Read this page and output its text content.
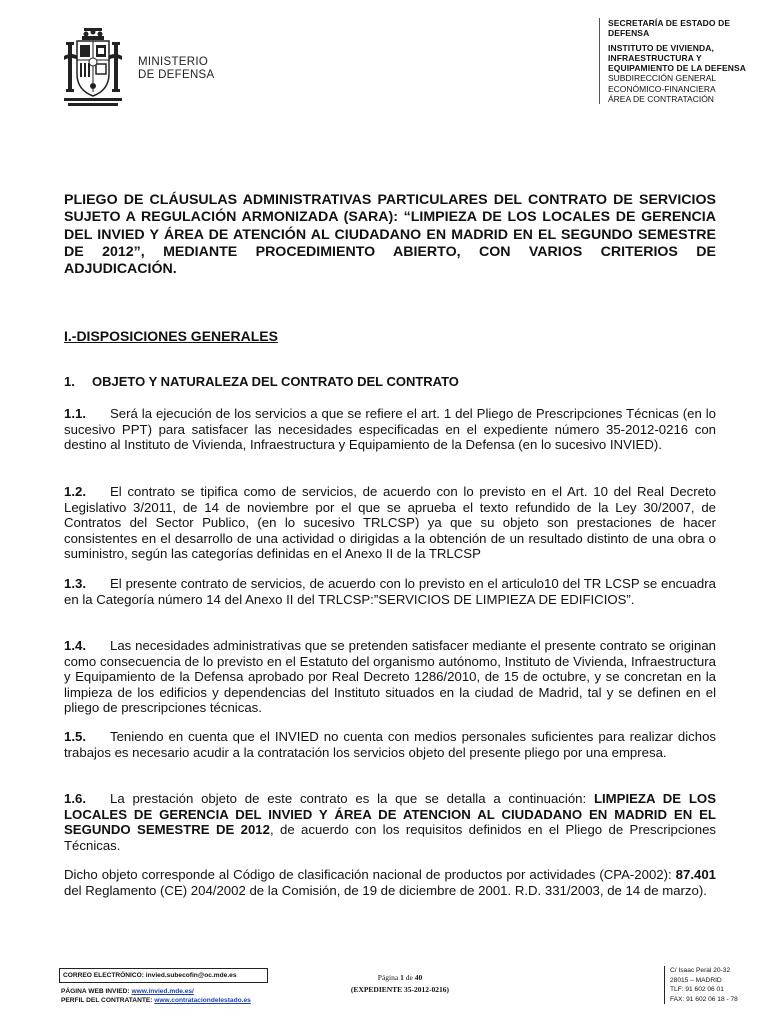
MINISTERIO
DE DEFENSA
SECRETARÍA DE ESTADO DE DEFENSA
INSTITUTO DE VIVIENDA, INFRAESTRUCTURA Y EQUIPAMIENTO DE LA DEFENSA
SUBDIRECCIÓN GENERAL ECONÓMICO-FINANCIERA
ÁREA DE CONTRATACIÓN
PLIEGO DE CLÁUSULAS ADMINISTRATIVAS PARTICULARES DEL CONTRATO DE SERVICIOS SUJETO A REGULACIÓN ARMONIZADA (SARA): “LIMPIEZA DE LOS LOCALES DE GERENCIA DEL INVIED Y ÁREA DE ATENCIÓN AL CIUDADANO EN MADRID EN EL SEGUNDO SEMESTRE DE 2012”, MEDIANTE PROCEDIMIENTO ABIERTO, CON VARIOS CRITERIOS DE ADJUDICACIÓN.
I.-DISPOSICIONES GENERALES
1. OBJETO Y NATURALEZA DEL CONTRATO DEL CONTRATO
1.1. Será la ejecución de los servicios a que se refiere el art. 1 del Pliego de Prescripciones Técnicas (en lo sucesivo PPT) para satisfacer las necesidades especificadas en el expediente número 35-2012-0216 con destino al Instituto de Vivienda, Infraestructura y Equipamiento de la Defensa (en lo sucesivo INVIED).
1.2. El contrato se tipifica como de servicios, de acuerdo con lo previsto en el Art. 10 del Real Decreto Legislativo 3/2011, de 14 de noviembre por el que se aprueba el texto refundido de la Ley 30/2007, de Contratos del Sector Publico, (en lo sucesivo TRLCSP) ya que su objeto son prestaciones de hacer consistentes en el desarrollo de una actividad o dirigidas a la obtención de un resultado distinto de una obra o suministro, según las categorías definidas en el Anexo II de la TRLCSP
1.3. El presente contrato de servicios, de acuerdo con lo previsto en el articulo10 del TR LCSP se encuadra en la Categoría número 14 del Anexo II del TRLCSP:”SERVICIOS DE LIMPIEZA DE EDIFICIOS”.
1.4. Las necesidades administrativas que se pretenden satisfacer mediante el presente contrato se originan como consecuencia de lo previsto en el Estatuto del organismo autónomo, Instituto de Vivienda, Infraestructura y Equipamiento de la Defensa aprobado por Real Decreto 1286/2010, de 15 de octubre, y se concretan en la limpieza de los edificios y dependencias del Instituto situados en la ciudad de Madrid, tal y se definen en el pliego de prescripciones técnicas.
1.5. Teniendo en cuenta que el INVIED no cuenta con medios personales suficientes para realizar dichos trabajos es necesario acudir a la contratación los servicios objeto del presente pliego por una empresa.
1.6. La prestación objeto de este contrato es la que se detalla a continuación: LIMPIEZA DE LOS LOCALES DE GERENCIA DEL INVIED Y ÁREA DE ATENCION AL CIUDADANO EN MADRID EN EL SEGUNDO SEMESTRE DE 2012, de acuerdo con los requisitos definidos en el Pliego de Prescripciones Técnicas.
Dicho objeto corresponde al Código de clasificación nacional de productos por actividades (CPA-2002): 87.401 del Reglamento (CE) 204/2002 de la Comisión, de 19 de diciembre de 2001. R.D. 331/2003, de 14 de marzo).
CORREO ELECTRÓNICO: invied.subecofin@oc.mde.es
PÁGINA WEB INVIED: www.invied.mde.es/
PERFIL DEL CONTRATANTE: www.contrataciondelestado.es
Página 1 de 40
(EXPEDIENTE 35-2012-0216)
C/ Isaac Peral 20-32
28015 – MADRID
TLF: 91 602 06 01
FAX: 91 602 06 18 - 78
